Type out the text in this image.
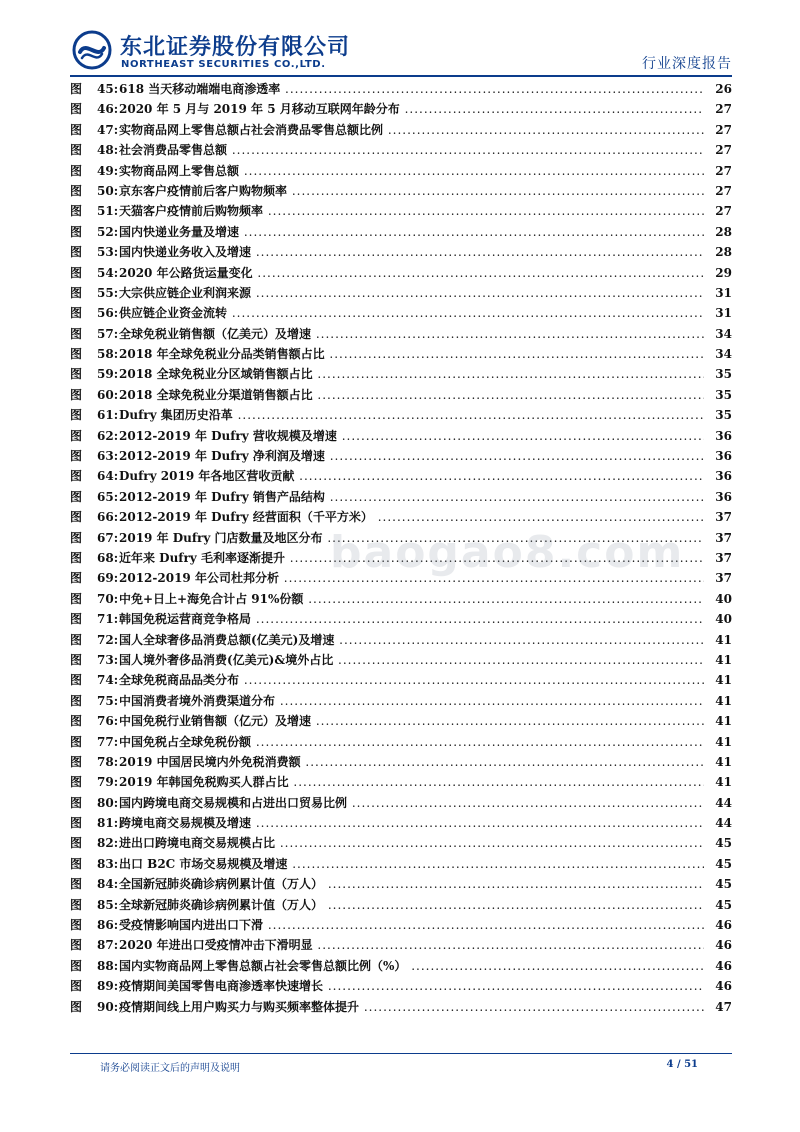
东北证券股份有限公司
NORTHEAST SECURITIES CO.,LTD.	行业深度报告
图	45: 618 当天移动端端电商渗透率 .....	26
图	46: 2020 年 5 月与 2019 年 5 月移动互联网年龄分布 .....	27
图	47: 实物商品网上零售总额占社会消费品零售总额比例 .....	27
图	48: 社会消费品零售总额 .....	27
图	49: 实物商品网上零售总额 .....	27
图	50: 京东客户疫情前后客户购物频率 .....	27
图	51: 天猫客户疫情前后购物频率 .....	27
图	52: 国内快递业务量及增速 .....	28
图	53: 国内快递业务收入及增速 .....	28
图	54: 2020 年公路货运量变化 .....	29
图	55: 大宗供应链企业利润来源 .....	31
图	56: 供应链企业资金流转 .....	31
图	57: 全球免税业销售额（亿美元）及增速 .....	34
图	58: 2018 年全球免税业分品类销售额占比 .....	34
图	59: 2018 全球免税业分区域销售额占比 .....	35
图	60: 2018 全球免税业分渠道销售额占比 .....	35
图	61: Dufry 集团历史沿革 .....	35
图	62: 2012-2019 年 Dufry 营收规模及增速 .....	36
图	63: 2012-2019 年 Dufry 净利润及增速 .....	36
图	64: Dufry 2019 年各地区营收贡献 .....	36
图	65: 2012-2019 年 Dufry 销售产品结构 .....	36
图	66: 2012-2019 年 Dufry 经营面积（千平方米） .....	37
图	67: 2019 年 Dufry 门店数量及地区分布 .....	37
图	68: 近年来 Dufry 毛利率逐渐提升 .....	37
图	69: 2012-2019 年公司杜邦分析 .....	37
图	70: 中免+日上+海免合计占 91%份额 .....	40
图	71: 韩国免税运营商竞争格局 .....	40
图	72: 国人全球奢侈品消费总额(亿美元)及增速 .....	41
图	73: 国人境外奢侈品消费(亿美元)&境外占比 .....	41
图	74: 全球免税商品品类分布 .....	41
图	75: 中国消费者境外消费渠道分布 .....	41
图	76: 中国免税行业销售额（亿元）及增速 .....	41
图	77: 中国免税占全球免税份额 .....	41
图	78: 2019 中国居民境内外免税消费额 .....	41
图	79: 2019 年韩国免税购买人群占比 .....	41
图	80: 国内跨境电商交易规模和占进出口贸易比例 .....	44
图	81: 跨境电商交易规模及增速 .....	44
图	82: 进出口跨境电商交易规模占比 .....	45
图	83: 出口 B2C 市场交易规模及增速 .....	45
图	84: 全国新冠肺炎确诊病例累计值（万人） .....	45
图	85: 全球新冠肺炎确诊病例累计值（万人） .....	45
图	86: 受疫情影响国内进出口下滑 .....	46
图	87: 2020 年进出口受疫情冲击下滑明显 .....	46
图	88: 国内实物商品网上零售总额占社会零售总额比例（%） .....	46
图	89: 疫情期间美国零售电商渗透率快速增长 .....	46
图	90: 疫情期间线上用户购买力与购买频率整体提升 .....	47
baogao8.com
请务必阅读正文后的声明及说明	4 / 51
